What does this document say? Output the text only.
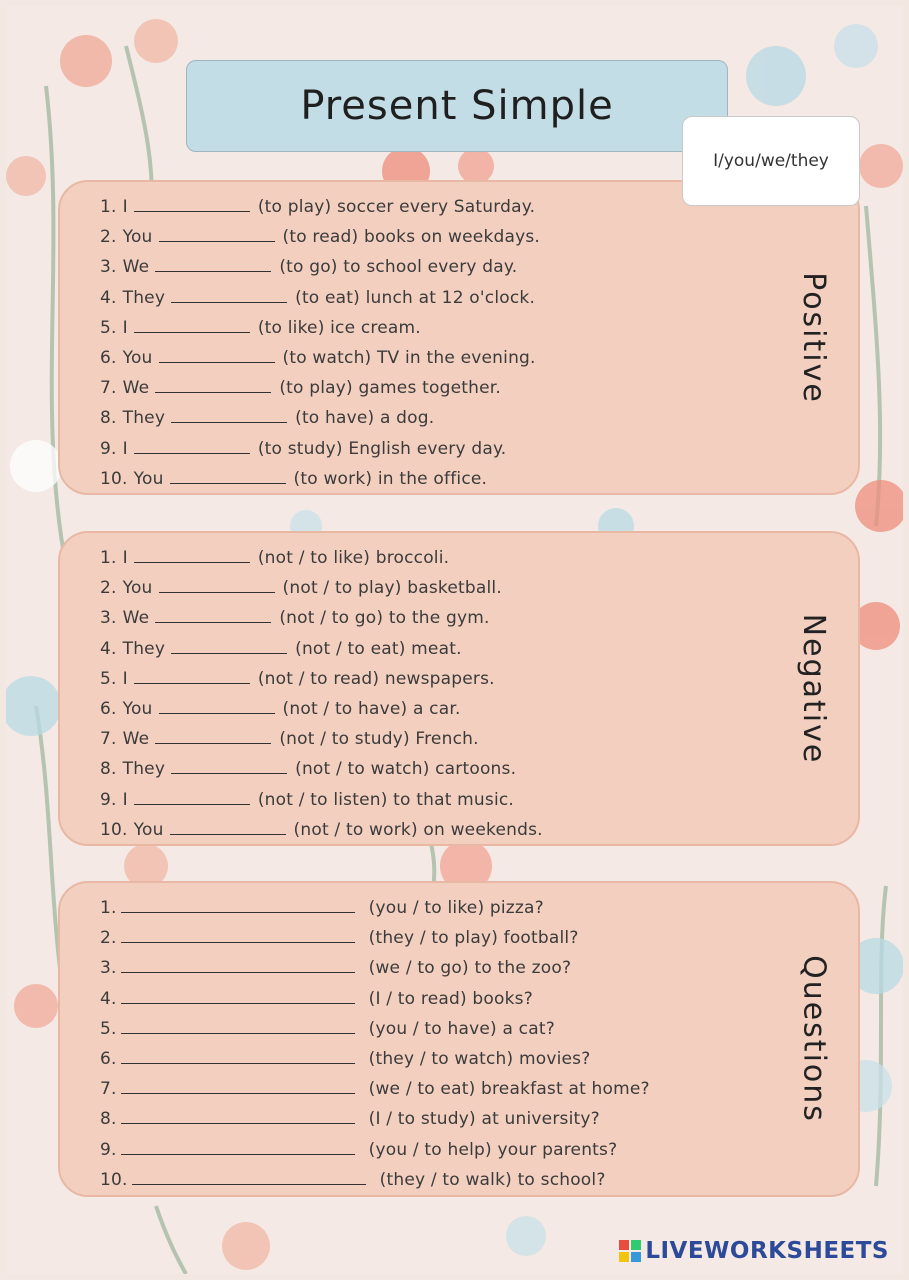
Present Simple
I/you/we/they
1. I	(to play) soccer every Saturday.
2. You	(to read) books on weekdays.
3. We	(to go) to school every day.
4. They	(to eat) lunch at 12 o'clock.
5. I	(to like) ice cream.
6. You	(to watch) TV in the evening.
7. We	(to play) games together.
8. They	(to have) a dog.
9. I	(to study) English every day.
10. You	(to work) in the office.
Positive
1. I	(not / to like) broccoli.
2. You	(not / to play) basketball.
3. We	(not / to go) to the gym.
4. They	(not / to eat) meat.
5. I	(not / to read) newspapers.
6. You	(not / to have) a car.
7. We	(not / to study) French.
8. They	(not / to watch) cartoons.
9. I	(not / to listen) to that music.
10. You	(not / to work) on weekends.
Negative
1.	(you / to like) pizza?
2.	(they / to play) football?
3.	(we / to go) to the zoo?
4.	(I / to read) books?
5.	(you / to have) a cat?
6.	(they / to watch) movies?
7.	(we / to eat) breakfast at home?
8.	(I / to study) at university?
9.	(you / to help) your parents?
10.	(they / to walk) to school?
Questions
LIVEWORKSHEETS
